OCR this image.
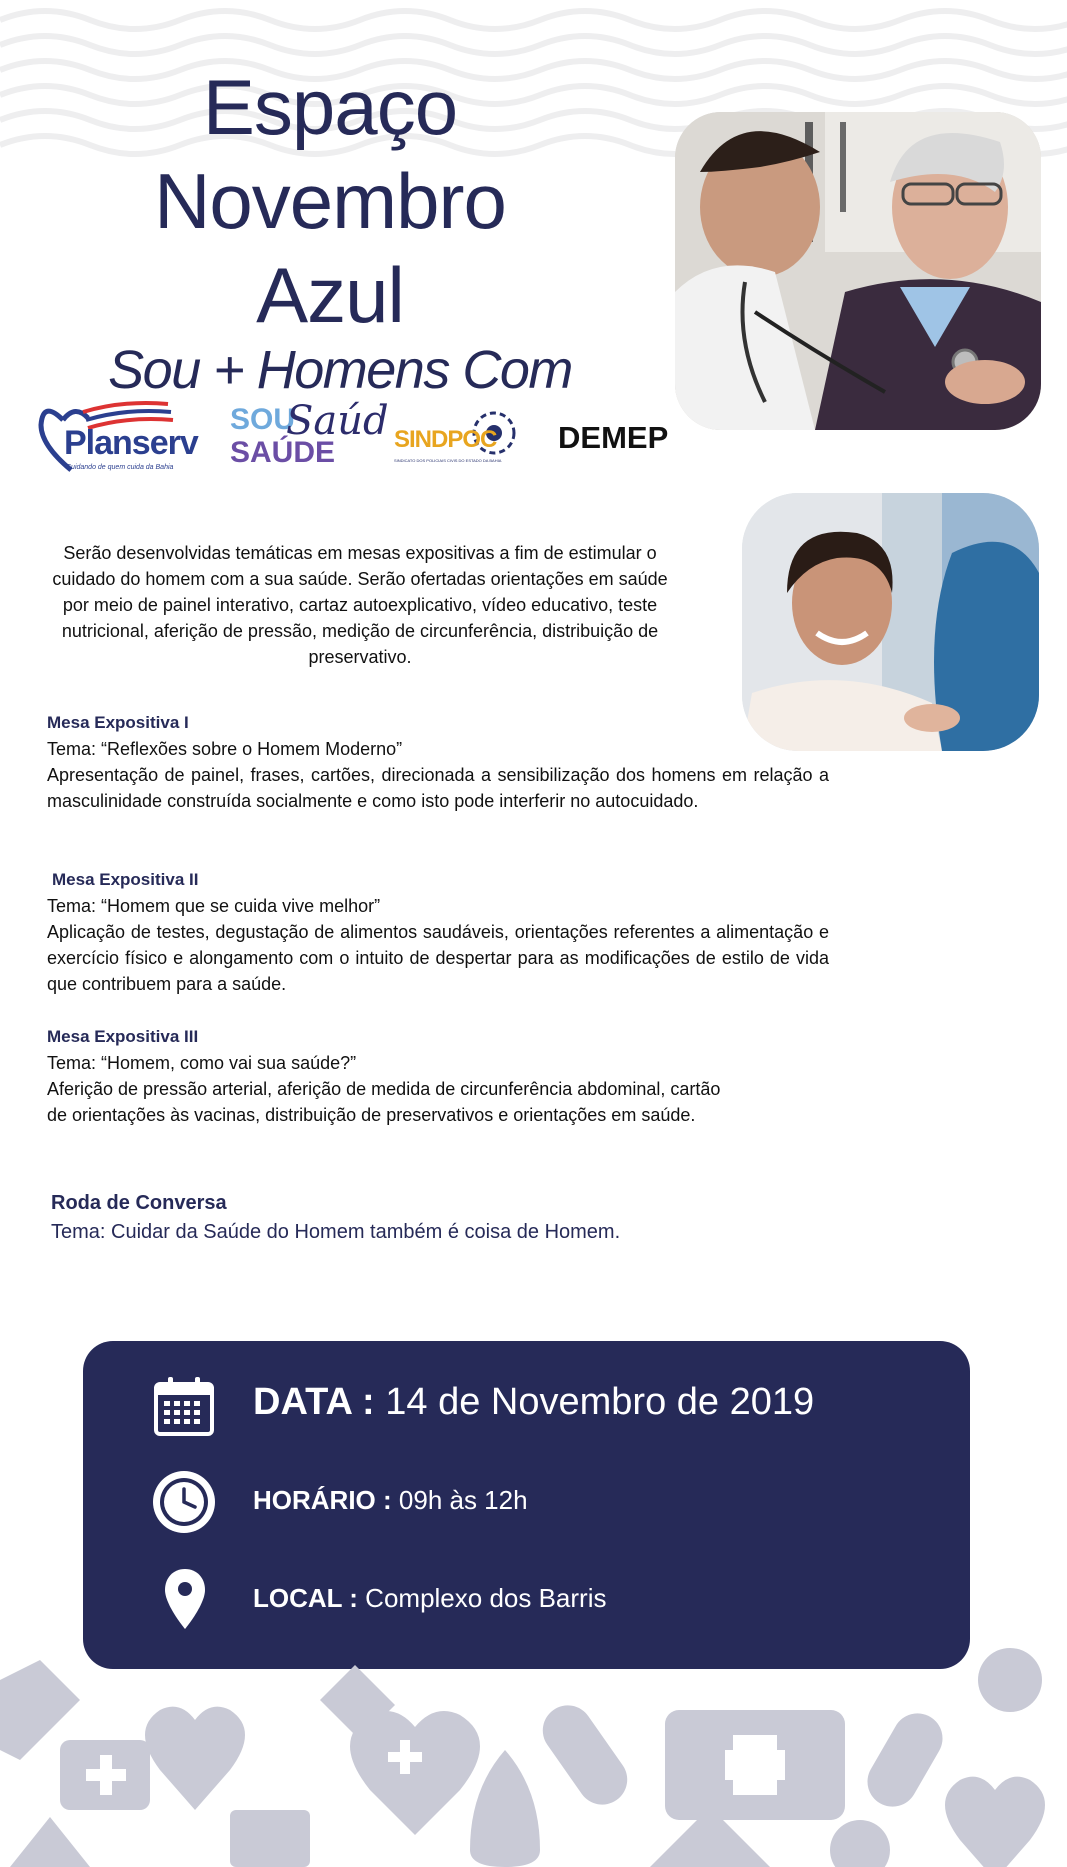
Espaço
Novembro
Azul
Sou + Homens Com
Planserv
Cuidando de quem cuida da Bahia
SOU
SAÚDE
Saúd SINDPOC
SINDICATO DOS POLICIAIS CIVIS DO ESTADO DA BAHIA
DEMEP
Serão desenvolvidas temáticas em mesas expositivas a fim de estimular o cuidado do homem com a sua saúde. Serão ofertadas orientações em saúde por meio de painel interativo, cartaz autoexplicativo, vídeo educativo, teste nutricional, aferição de pressão, medição de circunferência, distribuição de preservativo.
Mesa Expositiva I

Tema: “Reflexões sobre o Homem Moderno”

Apresentação de painel, frases, cartões, direcionada a sensibilização dos homens em relação a masculinidade construída socialmente e como isto pode interferir no autocuidado.

Mesa Expositiva II

Tema: “Homem que se cuida vive melhor”

Aplicação de testes, degustação de alimentos saudáveis, orientações referentes a alimentação e exercício físico e alongamento com o intuito de despertar para as modificações de estilo de vida que contribuem para a saúde.

Mesa Expositiva III

Tema: “Homem, como vai sua saúde?”

Aferição de pressão arterial, aferição de medida de circunferência abdominal, cartão

de orientações às vacinas, distribuição de preservativos e orientações em saúde.

Roda de Conversa

Tema: Cuidar da Saúde do Homem também é coisa de Homem.

DATA : 14 de Novembro de 2019
HORÁRIO : 09h às 12h
LOCAL : Complexo dos Barris
